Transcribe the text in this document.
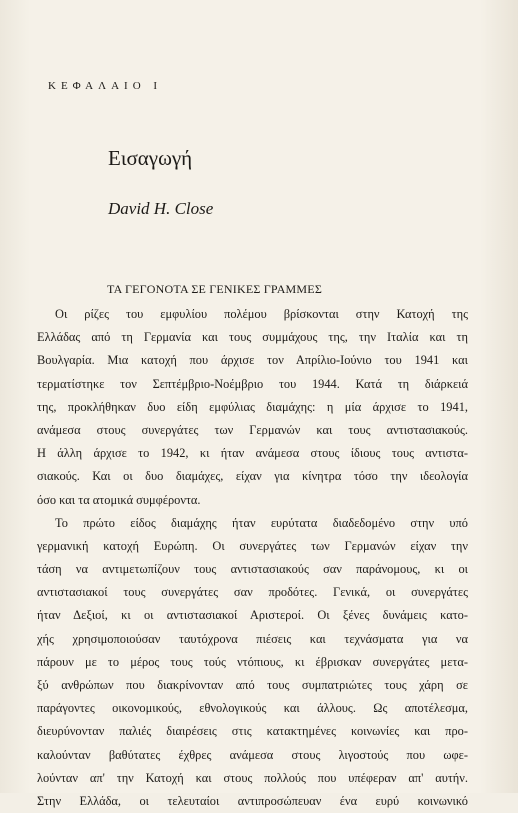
ΚΕΦΑΛΑΙΟ Ι
Εισαγωγή
David H. Close
ΤΑ ΓΕΓΟΝΟΤΑ ΣΕ ΓΕΝΙΚΕΣ ΓΡΑΜΜΕΣ
Οι ρίζες του εμφυλίου πολέμου βρίσκονται στην Κατοχή της
Ελλάδας από τη Γερμανία και τους συμμάχους της, την Ιταλία και τη
Βουλγαρία. Μια κατοχή που άρχισε τον Απρίλιο-Ιούνιο του 1941 και
τερματίστηκε τον Σεπτέμβριο-Νοέμβριο του 1944. Κατά τη διάρκειά
της, προκλήθηκαν δυο είδη εμφύλιας διαμάχης: η μία άρχισε το 1941,
ανάμεσα στους συνεργάτες των Γερμανών και τους αντιστασιακούς.
Η άλλη άρχισε το 1942, κι ήταν ανάμεσα στους ίδιους τους αντιστα-
σιακούς. Και οι δυο διαμάχες, είχαν για κίνητρα τόσο την ιδεολογία
όσο και τα ατομικά συμφέροντα.
Το πρώτο είδος διαμάχης ήταν ευρύτατα διαδεδομένο στην υπό
γερμανική κατοχή Ευρώπη. Οι συνεργάτες των Γερμανών είχαν την
τάση να αντιμετωπίζουν τους αντιστασιακούς σαν παράνομους, κι οι
αντιστασιακοί τους συνεργάτες σαν προδότες. Γενικά, οι συνεργάτες
ήταν Δεξιοί, κι οι αντιστασιακοί Αριστεροί. Οι ξένες δυνάμεις κατο-
χής χρησιμοποιούσαν ταυτόχρονα πιέσεις και τεχνάσματα για να
πάρουν με το μέρος τους τούς ντόπιους, κι έβρισκαν συνεργάτες μετα-
ξύ ανθρώπων που διακρίνονταν από τους συμπατριώτες τους χάρη σε
παράγοντες οικονομικούς, εθνολογικούς και άλλους. Ως αποτέλεσμα,
διευρύνονταν παλιές διαιρέσεις στις κατακτημένες κοινωνίες και προ-
καλούνταν βαθύτατες έχθρες ανάμεσα στους λιγοστούς που ωφε-
λούνταν απ' την Κατοχή και στους πολλούς που υπέφεραν απ' αυτήν.
Στην Ελλάδα, οι τελευταίοι αντιπροσώπευαν ένα ευρύ κοινωνικό
